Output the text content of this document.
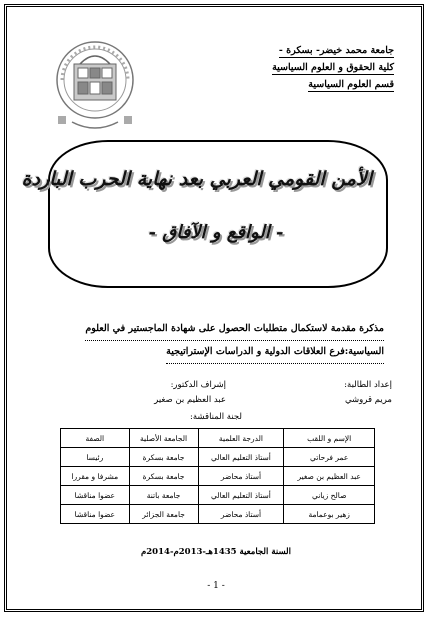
جامعة محمد خيضر- بسكرة -
كلية الحقوق و العلوم السياسية
قسم العلوم السياسية
الأمن القومي العربي بعد نهاية الحرب الباردة
- الواقع و الآفاق -
مذكرة مقدمة لاستكمال متطلبات الحصول على شهادة الماجستير في العلوم
السياسية:فرع العلاقات الدولية و الدراسات الإستراتيجية
إعداد الطالبة:
مريم قروشي
إشراف الدكتور:
عبد العظيم بن صغير
لجنة المناقشة:
الإسم و اللقب	الدرجة العلمية	الجامعة الأصلية	الصفة
عمر فرحاتي	أستاذ التعليم العالي	جامعة بسكرة	رئيسا
عبد العظيم بن صغير	أستاذ محاضر	جامعة بسكرة	مشرفا و مقررا
صالح زياني	أستاذ التعليم العالي	جامعة باتنة	عضوا مناقشا
زهير بوعمامة	أستاذ محاضر	جامعة الجزائر	عضوا مناقشا
السنة الجامعية 1435هـ-2013م-2014م
- 1 -
